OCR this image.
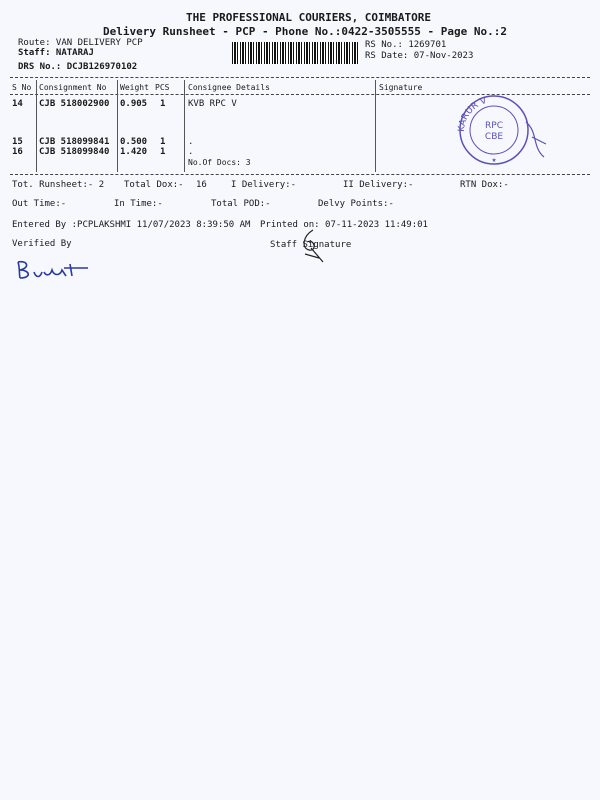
THE PROFESSIONAL COURIERS, COIMBATORE
Delivery Runsheet - PCP - Phone No.:0422-3505555 - Page No.:2
Route: VAN DELIVERY PCP
Staff: NATARAJ
DRS No.: DCJB126970102
RS No.: 1269701
RS Date: 07-Nov-2023
S No Consignment No Weight PCS Consignee Details	Signature
14 CJB 518002900 0.905 1	KVB RPC V
15 CJB 518099841 0.500 1	.
16 CJB 518099840 1.420 1	.
No.Of Docs: 3
KARUR V
RPC
CBE
★
Tot. Runsheet:- 2 Total Dox:- 16	I Delivery:-	II Delivery:-	RTN Dox:-
Out Time:-	In Time:-	Total POD:-	Delvy Points:-
Entered By :PCPLAKSHMI 11/07/2023 8:39:50 AM Printed on: 07-11-2023 11:49:01
Verified By	Staff Signature
